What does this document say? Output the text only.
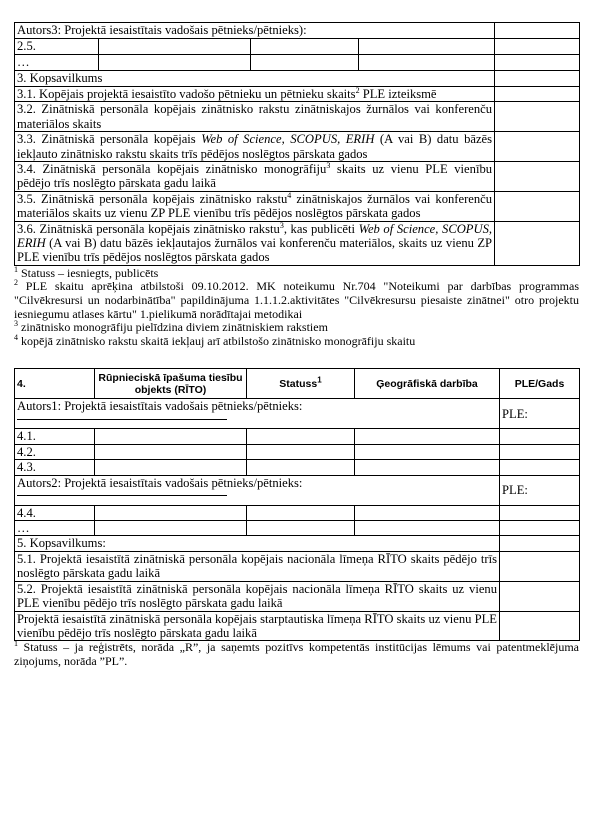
Autors3: Projektā iesaistītais vadošais pētnieks/pētnieks):				
2.5.				
…				
3. Kopsavilkums				
3.1. Kopējais projektā iesaistīto vadošo pētnieku un pētnieku skaits$^2$ PLE izteiksmē				
3.2. Zinātniskā personāla kopējais zinātnisko rakstu zinātniskajos žurnālos vai konferenču materiālos skaits				
3.3. Zinātniskā personāla kopējais Web of Science, SCOPUS, ERIH (A vai B) datu bāzēs iekļauto zinātnisko rakstu skaits trīs pēdējos noslēgtos pārskata gados				
3.4. Zinātniskā personāla kopējais zinātnisko monogrāfiju$^3$ skaits uz vienu PLE vienību pēdējo trīs noslēgto pārskata gadu laikā				
3.5. Zinātniskā personāla kopējais zinātnisko rakstu$^4$ zinātniskajos žurnālos vai konferenču materiālos skaits uz vienu ZP PLE vienību trīs pēdējos noslēgtos pārskata gados				
3.6. Zinātniskā personāla kopējais zinātnisko rakstu$^3$, kas publicēti Web of Science, SCOPUS, ERIH (A vai B) datu bāzēs iekļautajos žurnālos vai konferenču materiālos, skaits uz vienu ZP PLE vienību trīs pēdējos noslēgtos pārskata gados				

$^1$ Statuss – iesniegts, publicēts

$^2$ PLE skaitu aprēķina atbilstoši 09.10.2012. MK noteikumu Nr.704 "Noteikumi par darbības programmas "Cilvēkresursi un nodarbinātība" papildinājuma 1.1.1.2.aktivitātes "Cilvēkresursu piesaiste zinātnei" otro projektu iesniegumu atlases kārtu" 1.pielikumā norādītajai metodikai

$^3$ zinātnisko monogrāfiju pielīdzina diviem zinātniskiem rakstiem

$^4$ kopējā zinātnisko rakstu skaitā iekļauj arī atbilstošo zinātnisko monogrāfiju skaitu

4.	Rūpnieciskā īpašuma tiesību objekts (RĪTO)	Statuss$^1$	Ģeogrāfiskā darbība	PLE/Gads
Autors1: Projektā iesaistītais vadošais pētnieks/pētnieks:				PLE:
4.1.				
4.2.				
4.3.				
Autors2: Projektā iesaistītais vadošais pētnieks/pētnieks:				PLE:
4.4.				
…				
5. Kopsavilkums:				
5.1. Projektā iesaistītā zinātniskā personāla kopējais nacionāla līmeņa RĪTO skaits pēdējo trīs noslēgto pārskata gadu laikā				
5.2. Projektā iesaistītā zinātniskā personāla kopējais nacionāla līmeņa RĪTO skaits uz vienu PLE vienību pēdējo trīs noslēgto pārskata gadu laikā				
Projektā iesaistītā zinātniskā personāla kopējais starptautiska līmeņa RĪTO skaits uz vienu PLE vienību pēdējo trīs noslēgto pārskata gadu laikā				

$^1$ Statuss – ja reģistrēts, norāda „R”, ja saņemts pozitīvs kompetentās institūcijas lēmums vai patentmeklējuma ziņojums, norāda ”PL”.
